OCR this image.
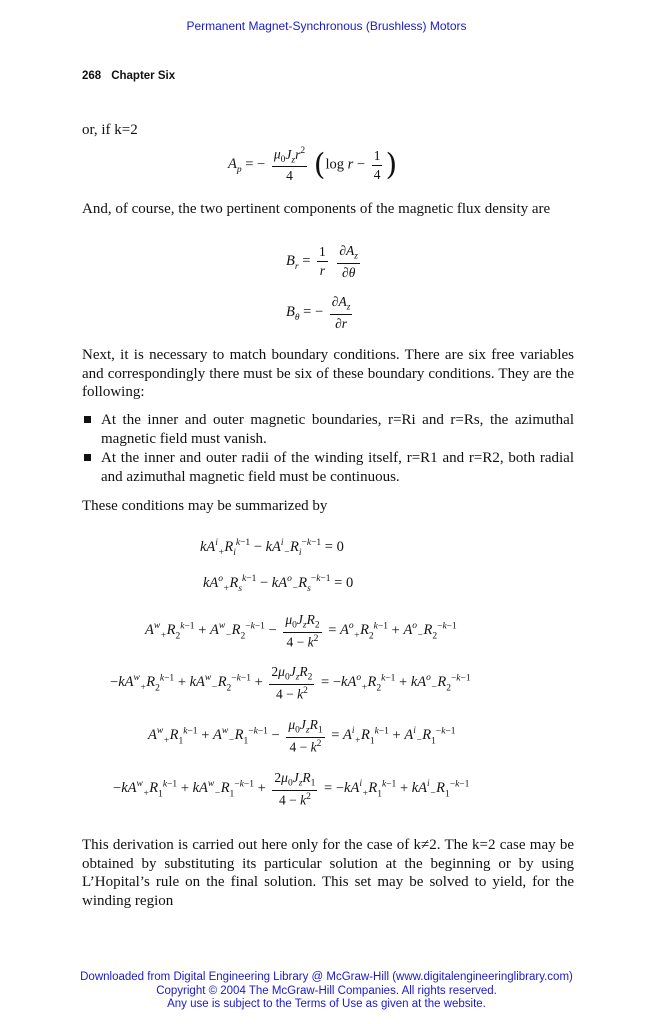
Permanent Magnet-Synchronous (Brushless) Motors
268 Chapter Six
or, if k=2
$A_p$ = − $\frac{\mu_0J_zr^2}{4} (\log$ $r - \frac{1}{4}$ )
And, of course, the two pertinent components of the magnetic flux density are
$B_r = \frac{1}{r}$
$\frac{\partial A_z}{\partial\theta}$
$B_\theta$ = − $\frac{\partial A_z}{\partial r}$
Next, it is necessary to match boundary conditions. There are six free variables and correspondingly there must be six of these boundary conditions. They are the following:
At the inner and outer magnetic boundaries, r=Ri and r=Rs, the azimuthal magnetic field must vanish.
At the inner and outer radii of the winding itself, r=R1 and r=R2, both radial and azimuthal magnetic field must be continuous.
These conditions may be summarized by
$kA^i_+R_i^{k-1} - kA^i_-R_i^{-k-1} = 0$
$kA^o_+R_s^{k-1} - kA^o_-R_s^{-k-1} = 0$
$A^w_+R_2^{k-1} + A^w_-R_2^{-k-1} - \frac{\mu_0J_zR_2}{4 - k^2} = A^o_+R_2^{k-1} + A^o_-R_2^{-k-1}$
$-kA^w_+R_2^{k-1} + kA^w_-R_2^{-k-1} + \frac{2\mu_0J_zR_2}{4 - k^2} = -kA^o_+R_2^{k-1} + kA^o_-R_2^{-k-1}$
$A^w_+R_1^{k-1} + A^w_-R_1^{-k-1} - \frac{\mu_0J_zR_1}{4 - k^2} = A^i_+R_1^{k-1} + A^i_-R_1^{-k-1}$
$-kA^w_+R_1^{k-1} + kA^w_-R_1^{-k-1} + \frac{2\mu_0J_zR_1}{4 - k^2} = -kA^i_+R_1^{k-1} + kA^i_-R_1^{-k-1}$
This derivation is carried out here only for the case of k≠2. The k=2 case may be obtained by substituting its particular solution at the beginning or by using L’Hopital’s rule on the final solution. This set may be solved to yield, for the winding region
Downloaded from Digital Engineering Library @ McGraw-Hill (www.digitalengineeringlibrary.com)
Copyright © 2004 The McGraw-Hill Companies. All rights reserved.
Any use is subject to the Terms of Use as given at the website.
